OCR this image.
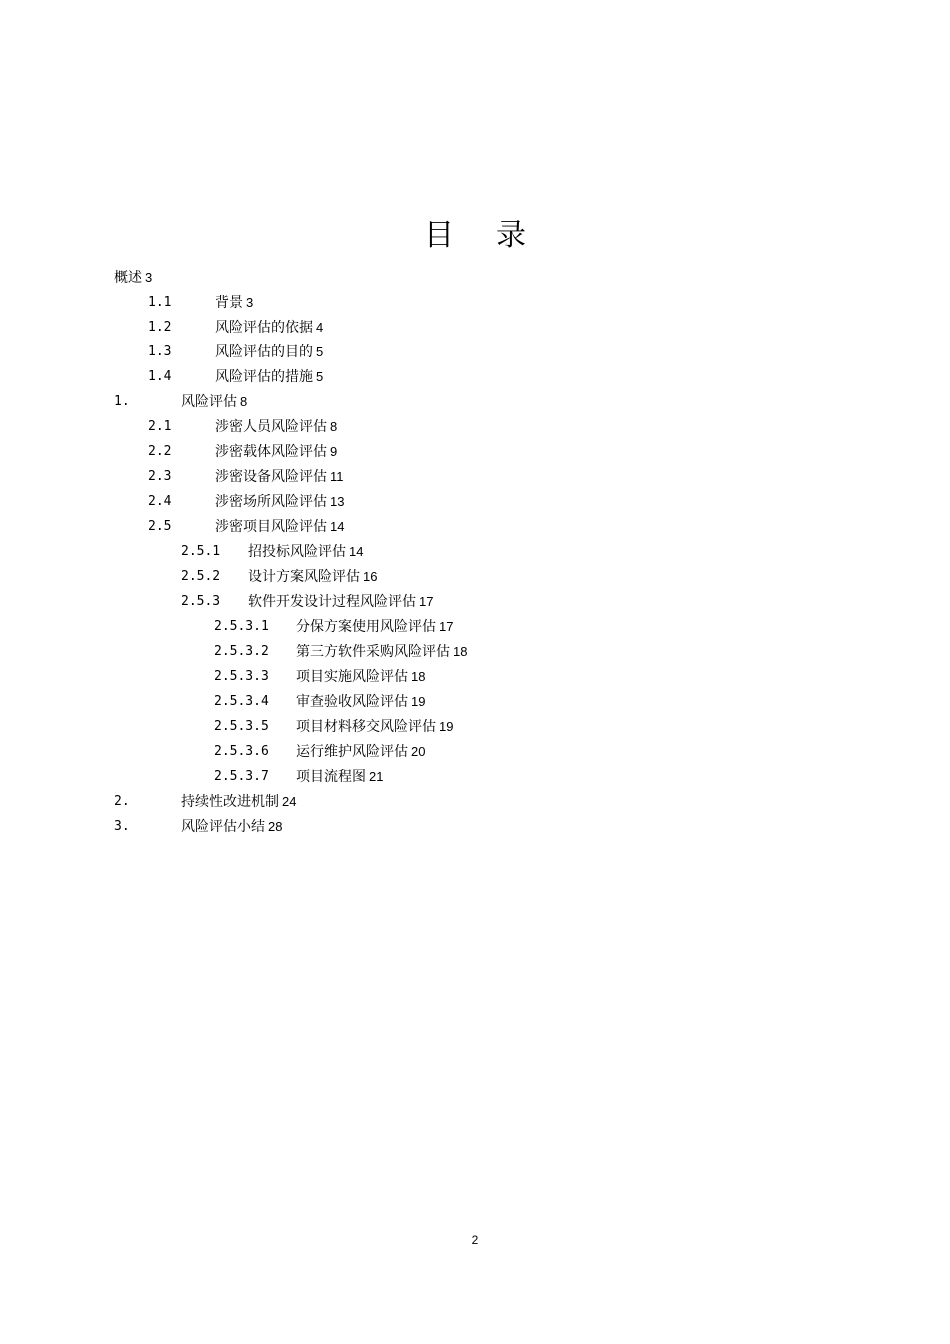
目录
概述 3
1.1	背景 3
1.2	风险评估的依据 4
1.3	风险评估的目的 5
1.4	风险评估的措施 5
1.	风险评估 8
2.1	涉密人员风险评估 8
2.2	涉密载体风险评估 9
2.3	涉密设备风险评估 11
2.4	涉密场所风险评估 13
2.5	涉密项目风险评估 14
2.5.1 招投标风险评估 14
2.5.2 设计方案风险评估 16
2.5.3 软件开发设计过程风险评估 17
2.5.3.1 分保方案使用风险评估 17
2.5.3.2 第三方软件采购风险评估 18
2.5.3.3 项目实施风险评估 18
2.5.3.4 审查验收风险评估 19
2.5.3.5 项目材料移交风险评估 19
2.5.3.6 运行维护风险评估 20
2.5.3.7 项目流程图 21
2.	持续性改进机制 24
3.	风险评估小结 28
2
